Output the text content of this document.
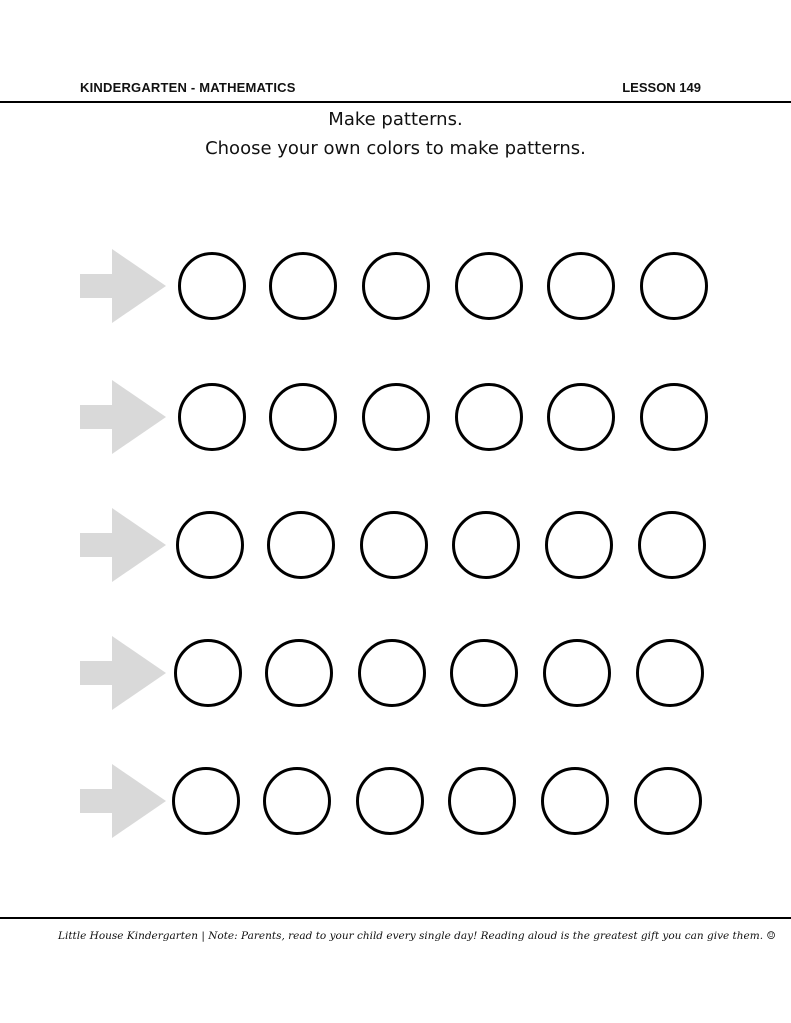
KINDERGARTEN - MATHEMATICS	LESSON 149
Make patterns.
Choose your own colors to make patterns.
Little House Kindergarten | Note: Parents, read to your child every single day! Reading aloud is the greatest gift you can give them. ☺
